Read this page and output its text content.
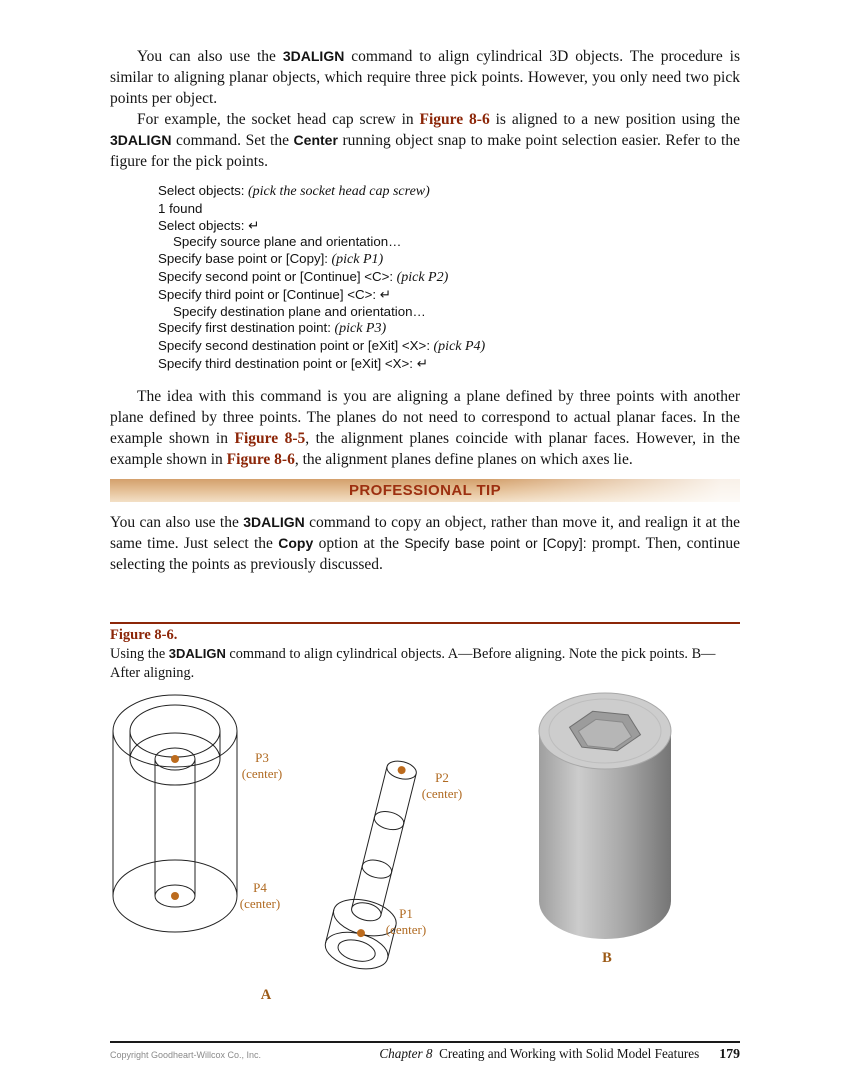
You can also use the 3DALIGN command to align cylindrical 3D objects. The procedure is similar to aligning planar objects, which require three pick points. However, you only need two pick points per object.

For example, the socket head cap screw in Figure 8-6 is aligned to a new position using the 3DALIGN command. Set the Center running object snap to make point selection easier. Refer to the figure for the pick points.

Select objects: (pick the socket head cap screw)
1 found
Select objects: ↵
Specify source plane and orientation…
Specify base point or [Copy]: (pick P1)
Specify second point or [Continue] <C>: (pick P2)
Specify third point or [Continue] <C>: ↵
Specify destination plane and orientation…
Specify first destination point: (pick P3)
Specify second destination point or [eXit] <X>: (pick P4)
Specify third destination point or [eXit] <X>: ↵

The idea with this command is you are aligning a plane defined by three points with another plane defined by three points. The planes do not need to correspond to actual planar faces. In the example shown in Figure 8-5, the alignment planes coincide with planar faces. However, in the example shown in Figure 8-6, the alignment planes define planes on which axes lie.

PROFESSIONAL TIP

You can also use the 3DALIGN command to copy an object, rather than move it, and realign it at the same time. Just select the Copy option at the Specify base point or [Copy]: prompt. Then, continue selecting the points as previously discussed.

Figure 8-6.

Using the 3DALIGN command to align cylindrical objects. A—Before aligning. Note the pick points. B—After aligning.

P3
(center)
P4
(center)
P2
(center)
P1
(center)
A
B
Copyright Goodheart-Willcox Co., Inc.	Chapter 8 Creating and Working with Solid Model Features 179
